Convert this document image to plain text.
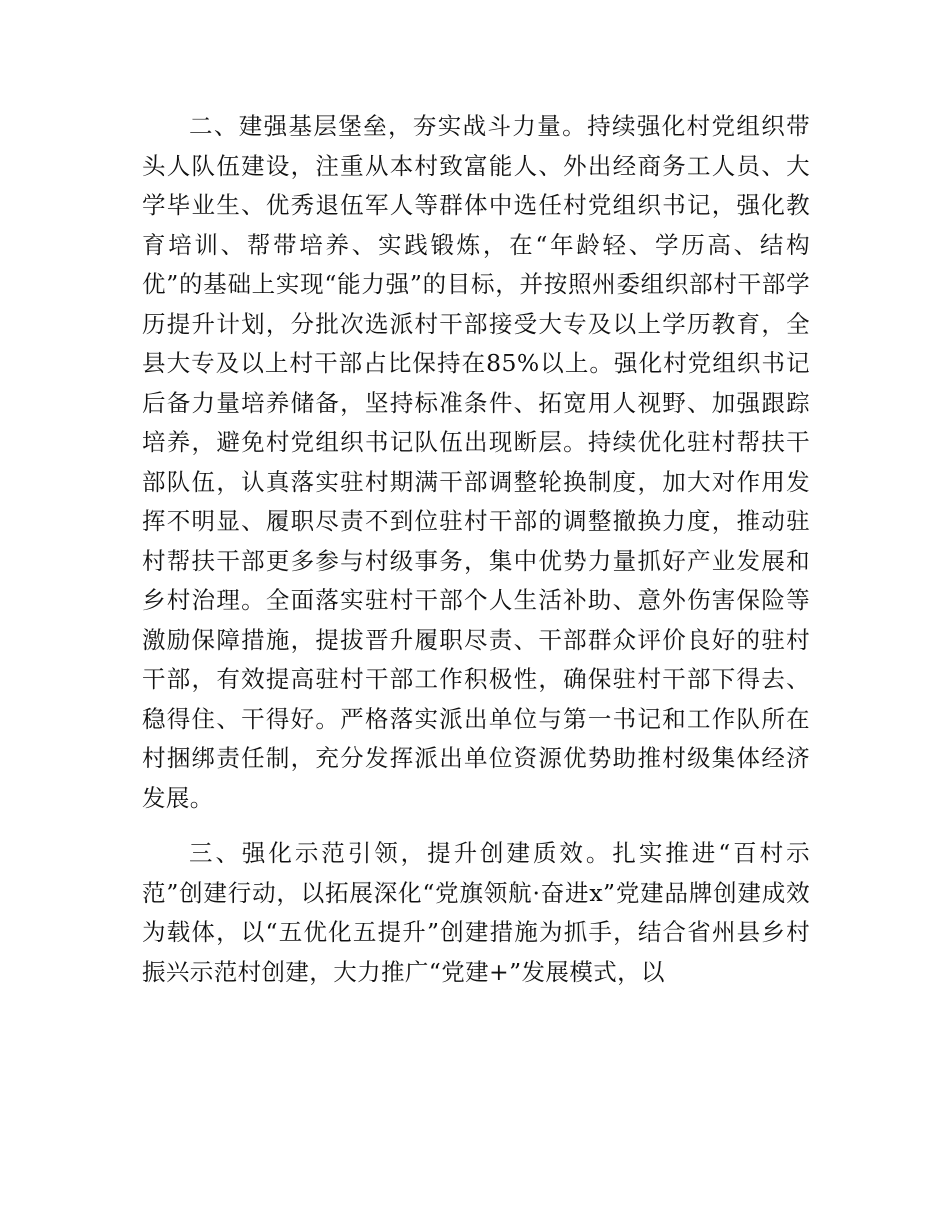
二、建强基层堡垒，夯实战斗力量。持续强化村党组织带头人队伍建设，注重从本村致富能人、外出经商务工人员、大学毕业生、优秀退伍军人等群体中选任村党组织书记，强化教育培训、帮带培养、实践锻炼，在“年龄轻、学历高、结构优”的基础上实现“能力强”的目标，并按照州委组织部村干部学历提升计划，分批次选派村干部接受大专及以上学历教育，全县大专及以上村干部占比保持在85%以上。强化村党组织书记后备力量培养储备，坚持标准条件、拓宽用人视野、加强跟踪培养，避免村党组织书记队伍出现断层。持续优化驻村帮扶干部队伍，认真落实驻村期满干部调整轮换制度，加大对作用发挥不明显、履职尽责不到位驻村干部的调整撤换力度，推动驻村帮扶干部更多参与村级事务，集中优势力量抓好产业发展和乡村治理。全面落实驻村干部个人生活补助、意外伤害保险等激励保障措施，提拔晋升履职尽责、干部群众评价良好的驻村干部，有效提高驻村干部工作积极性，确保驻村干部下得去、稳得住、干得好。严格落实派出单位与第一书记和工作队所在村捆绑责任制，充分发挥派出单位资源优势助推村级集体经济发展。

三、强化示范引领，提升创建质效。扎实推进“百村示范”创建行动，以拓展深化“党旗领航·奋进x”党建品牌创建成效为载体，以“五优化五提升”创建措施为抓手，结合省州县乡村振兴示范村创建，大力推广“党建+”发展模式，以
